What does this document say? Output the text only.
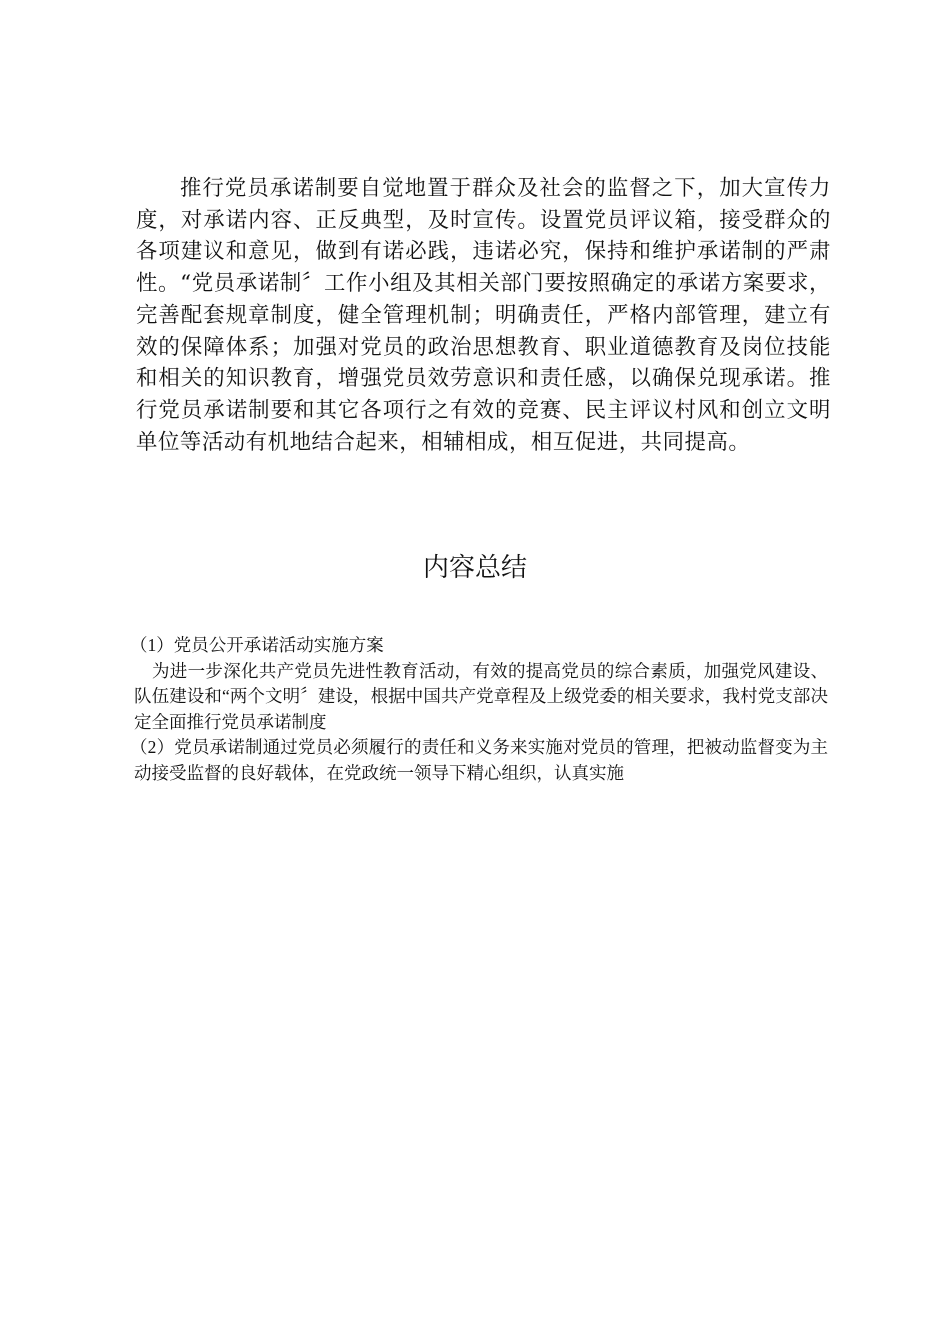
推行党员承诺制要自觉地置于群众及社会的监督之下，加大宣传力度，对承诺内容、正反典型，及时宣传。设置党员评议箱，接受群众的各项建议和意见，做到有诺必践，违诺必究，保持和维护承诺制的严肃性。“党员承诺制〞工作小组及其相关部门要按照确定的承诺方案要求，完善配套规章制度，健全管理机制；明确责任，严格内部管理，建立有效的保障体系；加强对党员的政治思想教育、职业道德教育及岗位技能和相关的知识教育，增强党员效劳意识和责任感，以确保兑现承诺。推行党员承诺制要和其它各项行之有效的竞赛、民主评议村风和创立文明单位等活动有机地结合起来，相辅相成，相互促进，共同提高。

内容总结

（1）党员公开承诺活动实施方案

为进一步深化共产党员先进性教育活动，有效的提高党员的综合素质，加强党风建设、队伍建设和“两个文明〞建设，根据中国共产党章程及上级党委的相关要求，我村党支部决定全面推行党员承诺制度

（2）党员承诺制通过党员必须履行的责任和义务来实施对党员的管理，把被动监督变为主动接受监督的良好载体，在党政统一领导下精心组织，认真实施
